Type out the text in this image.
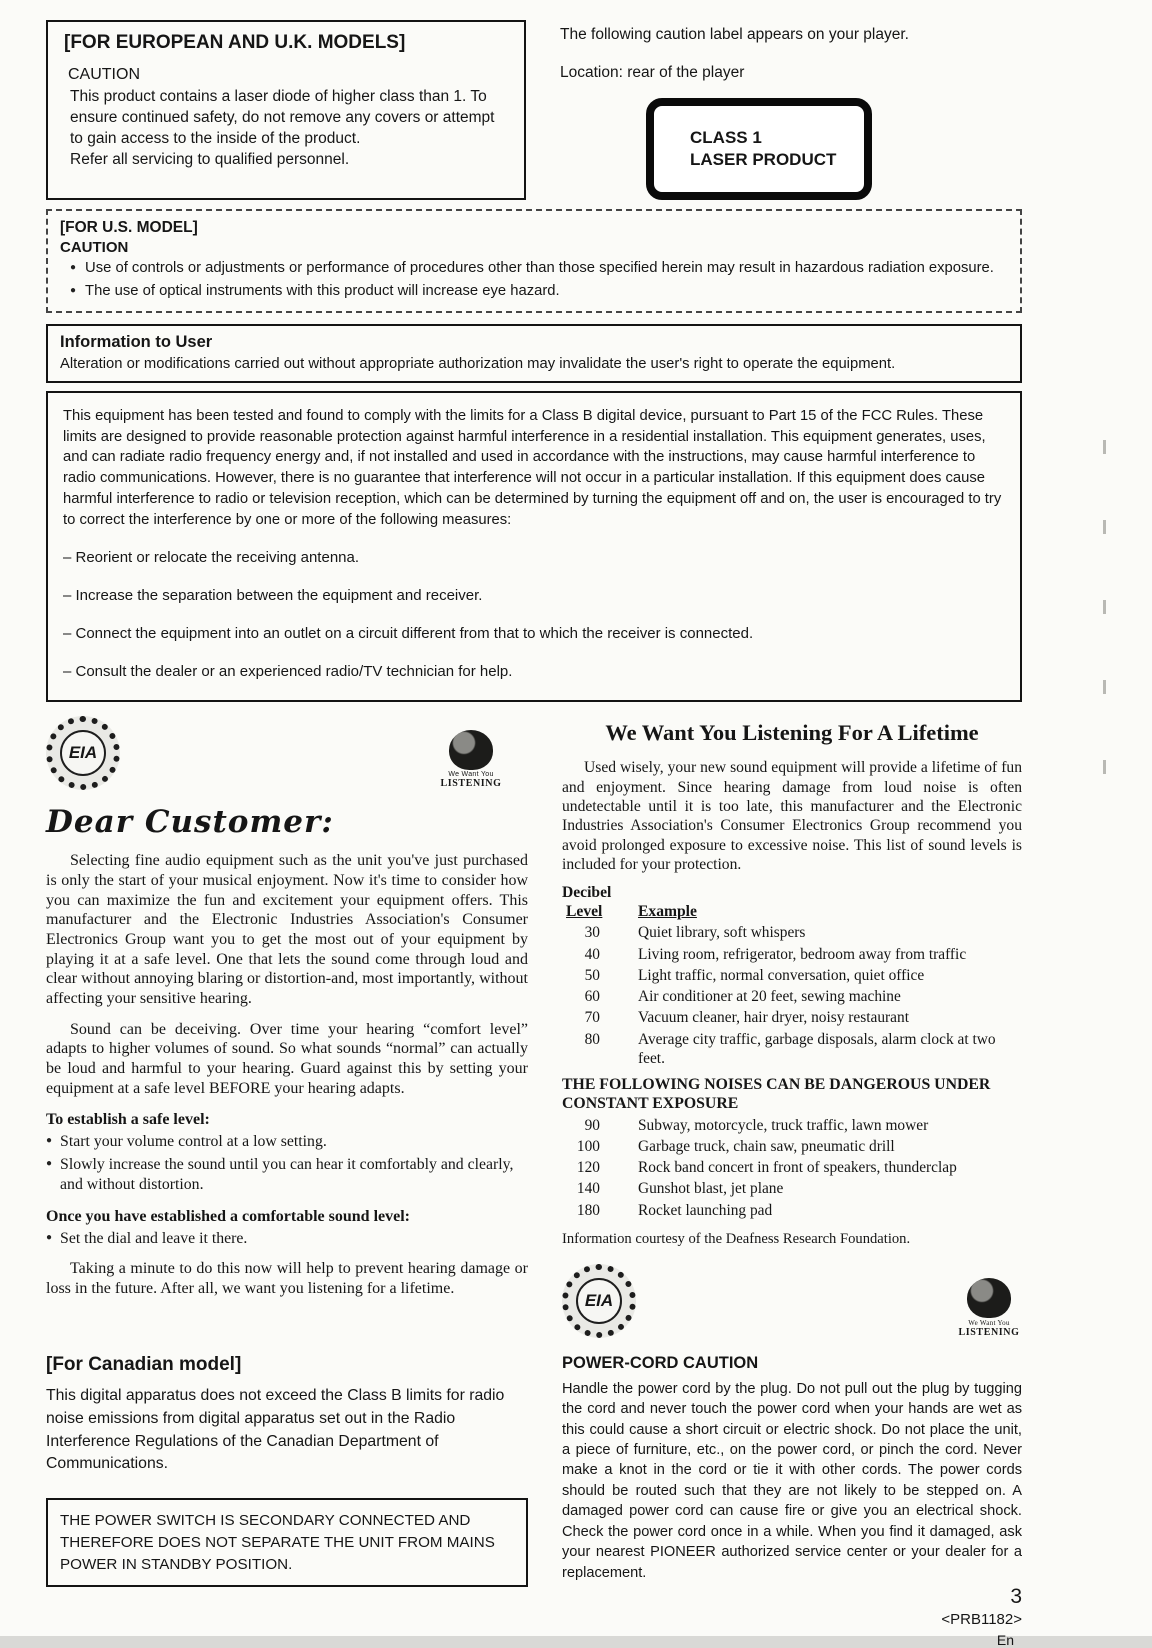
[FOR EUROPEAN AND U.K. MODELS]
CAUTION
This product contains a laser diode of higher class than 1. To ensure continued safety, do not remove any covers or attempt to gain access to the inside of the product.
Refer all servicing to qualified personnel.
The following caution label appears on your player.
Location: rear of the player
CLASS 1
LASER PRODUCT
[FOR U.S. MODEL]
CAUTION
● Use of controls or adjustments or performance of procedures other than those specified herein may result in hazardous radiation exposure.
● The use of optical instruments with this product will increase eye hazard.
Information to User
Alteration or modifications carried out without appropriate authorization may invalidate the user's right to operate the equipment.
This equipment has been tested and found to comply with the limits for a Class B digital device, pursuant to Part 15 of the FCC Rules. These limits are designed to provide reasonable protection against harmful interference in a residential installation. This equipment generates, uses, and can radiate radio frequency energy and, if not installed and used in accordance with the instructions, may cause harmful interference to radio communications. However, there is no guarantee that interference will not occur in a particular installation. If this equipment does cause harmful interference to radio or television reception, which can be determined by turning the equipment off and on, the user is encouraged to try to correct the interference by one or more of the following measures:
– Reorient or relocate the receiving antenna.
– Increase the separation between the equipment and receiver.
– Connect the equipment into an outlet on a circuit different from that to which the receiver is connected.
– Consult the dealer or an experienced radio/TV technician for help.
EIA
We Want You
LISTENING
Dear Customer:

Selecting fine audio equipment such as the unit you've just purchased is only the start of your musical enjoyment. Now it's time to consider how you can maximize the fun and excitement your equipment offers. This manufacturer and the Electronic Industries Association's Consumer Electronics Group want you to get the most out of your equipment by playing it at a safe level. One that lets the sound come through loud and clear without annoying blaring or distortion-and, most importantly, without affecting your sensitive hearing.

Sound can be deceiving. Over time your hearing “comfort level” adapts to higher volumes of sound. So what sounds “normal” can actually be loud and harmful to your hearing. Guard against this by setting your equipment at a safe level BEFORE your hearing adapts.

To establish a safe level:
● Start your volume control at a low setting.
● Slowly increase the sound until you can hear it comfortably and clearly, and without distortion.
Once you have established a comfortable sound level:
● Set the dial and leave it there.

Taking a minute to do this now will help to prevent hearing damage or loss in the future. After all, we want you listening for a lifetime.

We Want You Listening For A Lifetime

Used wisely, your new sound equipment will provide a lifetime of fun and enjoyment. Since hearing damage from loud noise is often undetectable until it is too late, this manufacturer and the Electronic Industries Association's Consumer Electronics Group recommend you avoid prolonged exposure to excessive noise. This list of sound levels is included for your protection.

Decibel
Level	Example
30	Quiet library, soft whispers
40	Living room, refrigerator, bedroom away from traffic
50	Light traffic, normal conversation, quiet office
60	Air conditioner at 20 feet, sewing machine
70	Vacuum cleaner, hair dryer, noisy restaurant
80	Average city traffic, garbage disposals, alarm clock at two feet.
THE FOLLOWING NOISES CAN BE DANGEROUS UNDER CONSTANT EXPOSURE
90	Subway, motorcycle, truck traffic, lawn mower
100	Garbage truck, chain saw, pneumatic drill
120	Rock band concert in front of speakers, thunderclap
140	Gunshot blast, jet plane
180	Rocket launching pad
Information courtesy of the Deafness Research Foundation.
EIA
We Want You
LISTENING
[For Canadian model]
This digital apparatus does not exceed the Class B limits for radio noise emissions from digital apparatus set out in the Radio Interference Regulations of the Canadian Department of Communications.
THE POWER SWITCH IS SECONDARY CONNECTED AND THEREFORE DOES NOT SEPARATE THE UNIT FROM MAINS POWER IN STANDBY POSITION.
POWER-CORD CAUTION
Handle the power cord by the plug. Do not pull out the plug by tugging the cord and never touch the power cord when your hands are wet as this could cause a short circuit or electric shock. Do not place the unit, a piece of furniture, etc., on the power cord, or pinch the cord. Never make a knot in the cord or tie it with other cords. The power cords should be routed such that they are not likely to be stepped on. A damaged power cord can cause fire or give you an electrical shock. Check the power cord once in a while. When you find it damaged, ask your nearest PIONEER authorized service center or your dealer for a replacement.
3
<PRB1182>
En
